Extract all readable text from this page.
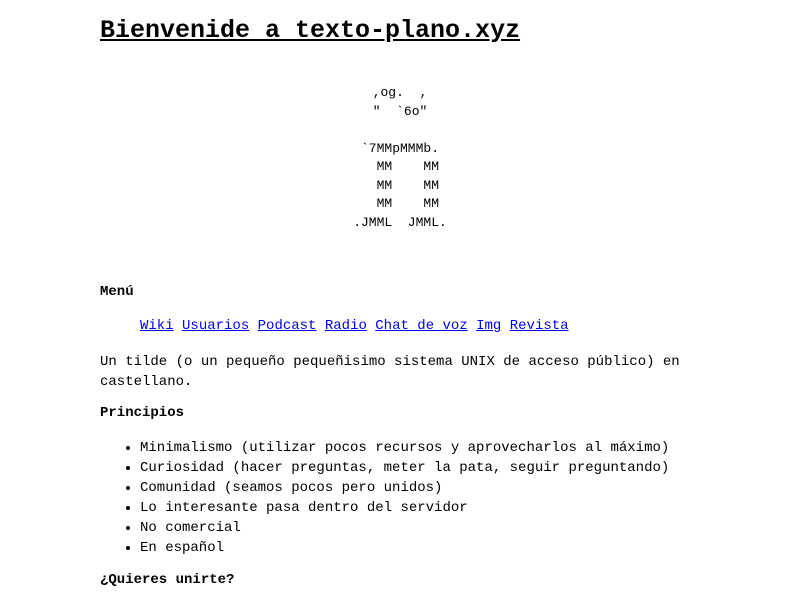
Bienvenide a texto-plano.xyz
,og.  ,
"  `6o"
`7MMpMMMb.
MM    MM
MM    MM
MM    MM
.JMML  JMML.
Menú
Wiki Usuarios Podcast Radio Chat de voz Img Revista

Un tilde (o un pequeño pequeñisimo sistema UNIX de acceso público) en castellano.

Principios
• Minimalismo (utilizar pocos recursos y aprovecharlos al máximo)
• Curiosidad (hacer preguntas, meter la pata, seguir preguntando)
• Comunidad (seamos pocos pero unidos)
• Lo interesante pasa dentro del servidor
• No comercial
• En español
¿Quieres unirte?
